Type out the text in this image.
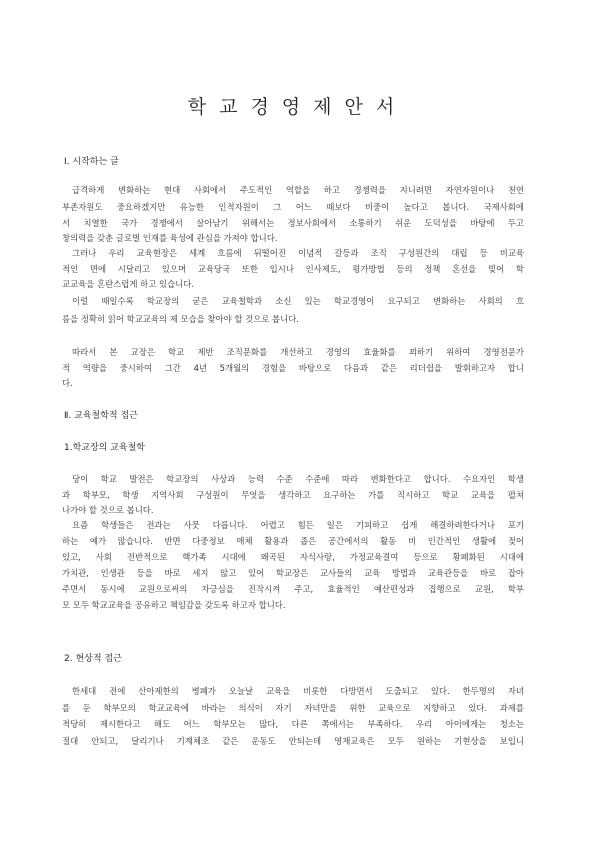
학교경영제안서
Ⅰ. 시작하는 글
급격하게 변화하는 현대 사회에서 주도적인 역할을 하고 경쟁력을 지니려면 자연자원이나 천연
부존자원도 중요하겠지만 유능한 인적자원이 그 어느 때보다 비중이 높다고 봅니다. 국제사회에
서 치열한 국가 경쟁에서 살아남기 위해서는 정보사회에서 소통하기 쉬운 도덕성을 바탕에 두고
창의력을 갖춘 글로벌 인재를 육성에 관심을 가져야 합니다.
그러나 우리 교육현장은 세계 흐름에 뒤떨어진 이념적 갈등과 조직 구성원간의 대립 등 비교육
적인 면에 시달리고 있으며 교육당국 또한 입시나 인사제도, 평가방법 등의 정책 혼선을 빚어 학
교교육을 혼란스럽게 하고 있습니다.
이럴 때일수록 학교장의 굳은 교육철학과 소신 있는 학교경영이 요구되고 변화하는 사회의 흐
름을 정확히 읽어 학교교육의 제 모습을 찾아야 할 것으로 봅니다.
따라서 본 교장은 학교 제반 조직문화를 개선하고 경영의 효율화를 꾀하기 위하여 경영전문가
적 역량을 중시하여 그간 4년 5개월의 경험을 바탕으로 다음과 같은 리더쉽을 발휘하고자 합니
다.
Ⅱ. 교육철학적 접근
1.학교장의 교육철학
당이 학교 발전은 학교장의 사상과 능력 수준 수준에 따라 변화한다고 합니다. 수요자인 학생
과 학부모, 학생 지역사회 구성원이 무엇을 생각하고 요구하는 가를 직시하고 학교 교육을 펼쳐
나가야 할 것으로 봅니다.
요즘 학생들은 전과는 사뭇 다릅니다. 어렵고 힘든 일은 기피하고 쉽게 해결하려한다거나 포기
하는 예가 많습니다. 반면 다중정보 매체 활용과 좁은 공간에서의 활동 비 인간적인 생활에 젖어
있고, 사회 전반적으로 핵가족 시대에 왜곡된 자식사랑, 가정교육결여 등으로 황폐화된 시대에
가치관, 인생관 등을 바로 세지 않고 있어 학교장은 교사들의 교육 방법과 교육관등을 바로 잡아
주면서 동시에 교원으로써의 자긍심을 진작시켜 주고, 효율적인 예산편성과 집행으로 교원, 학부
모 모두 학교교육을 공유하고 책임감을 갖도록 하고자 합니다.
2. 현상적 접근
한세대 전에 산아제한의 병폐가 오늘날 교육을 비롯한 다방면서 도출되고 있다. 한두명의 자녀
를 둔 학부모의 학교교육에 바라는 의식이 자기 자녀만을 위한 교육으로 지향하고 있다. 과제를
적당히 제시한다고 해도 어느 학부모는 많다, 다른 쪽에서는 부족하다. 우리 아이에게는 청소는
절대 안되고, 달리기나 기계체조 같은 운동도 안되는데 영재교육은 모두 원하는 기현상을 보입니
